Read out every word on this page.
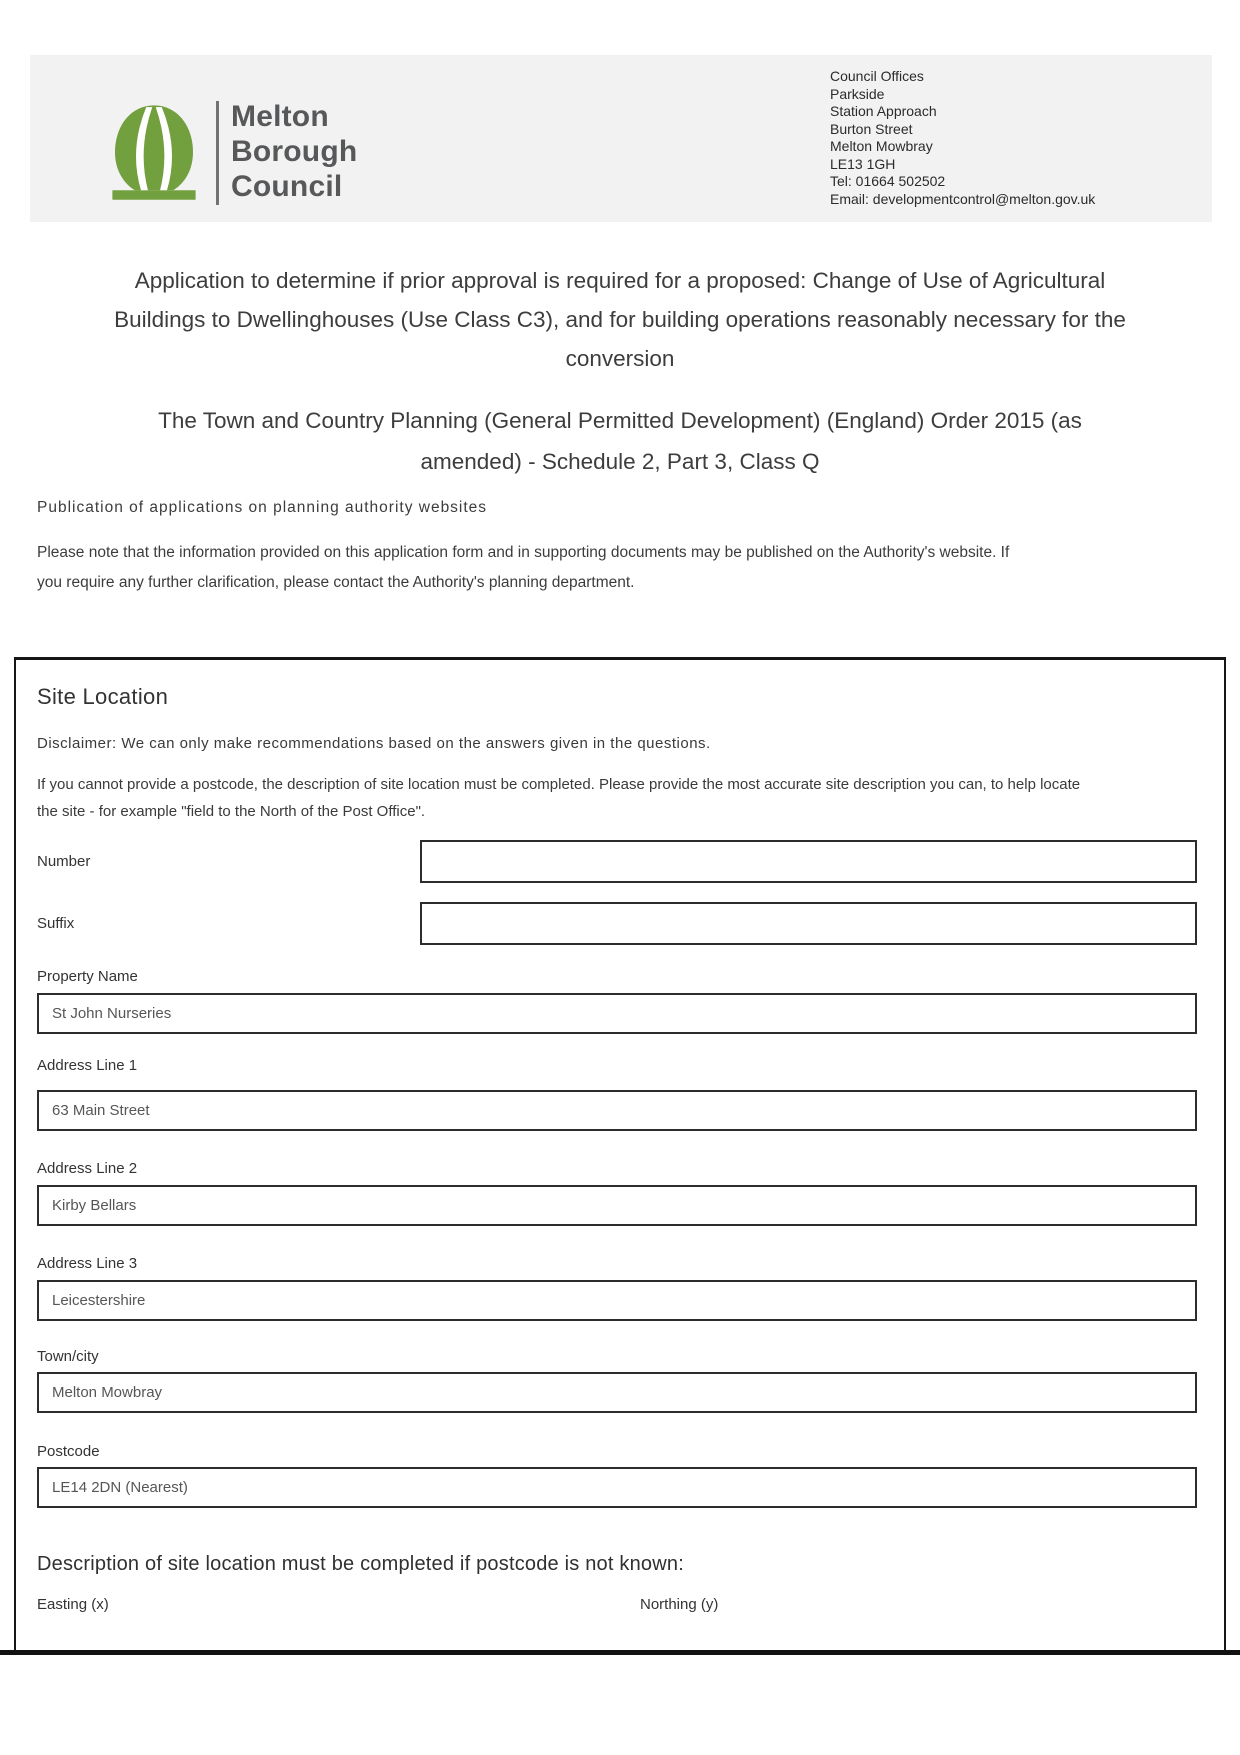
Melton
Borough
Council
Council Offices
Parkside
Station Approach
Burton Street
Melton Mowbray
LE13 1GH
Tel: 01664 502502
Email: developmentcontrol@melton.gov.uk
Application to determine if prior approval is required for a proposed: Change of Use of Agricultural Buildings to Dwellinghouses (Use Class C3), and for building operations reasonably necessary for the conversion
The Town and Country Planning (General Permitted Development) (England) Order 2015 (as amended) - Schedule 2, Part 3, Class Q
Publication of applications on planning authority websites
Please note that the information provided on this application form and in supporting documents may be published on the Authority's website. If you require any further clarification, please contact the Authority's planning department.
Site Location
Disclaimer: We can only make recommendations based on the answers given in the questions.
If you cannot provide a postcode, the description of site location must be completed. Please provide the most accurate site description you can, to help locate the site - for example "field to the North of the Post Office".
Number
Suffix
Property Name
St John Nurseries
Address Line 1
63 Main Street
Address Line 2
Kirby Bellars
Address Line 3
Leicestershire
Town/city
Melton Mowbray
Postcode
LE14 2DN (Nearest)
Description of site location must be completed if postcode is not known:
Easting (x)	Northing (y)
